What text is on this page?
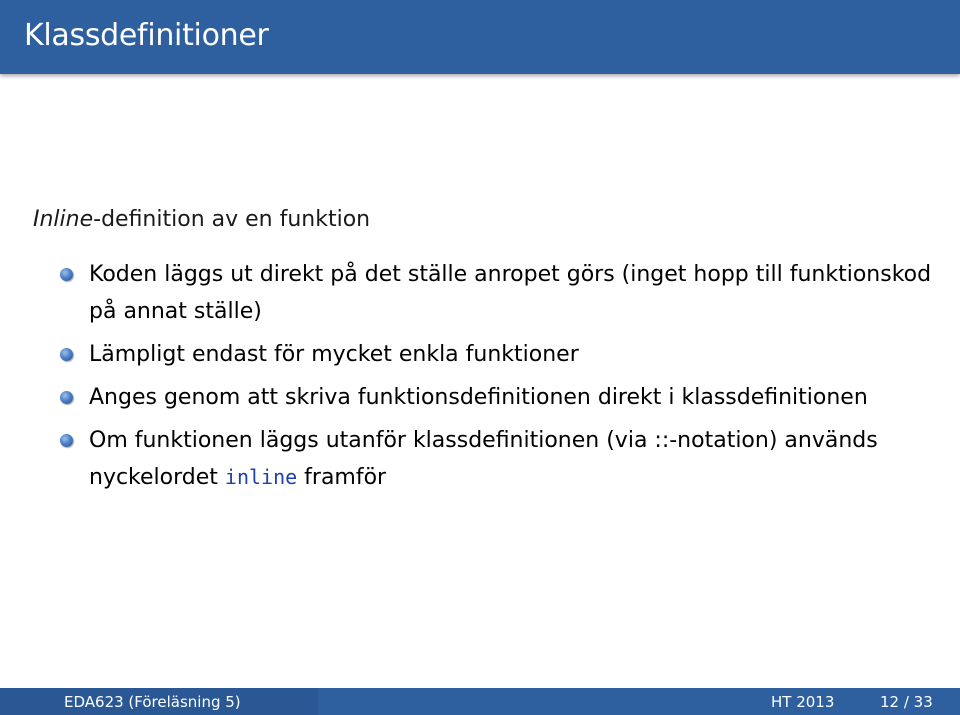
Klassdefinitioner
Inline-definition av en funktion
Koden läggs ut direkt på det ställe anropet görs (inget hopp till funktionskod på annat ställe)
Lämpligt endast för mycket enkla funktioner
Anges genom att skriva funktionsdefinitionen direkt i klassdefinitionen
Om funktionen läggs utanför klassdefinitionen (via ::-notation) används nyckelordet inline framför
EDA623 (Föreläsning 5)	HT 2013	12 / 33
